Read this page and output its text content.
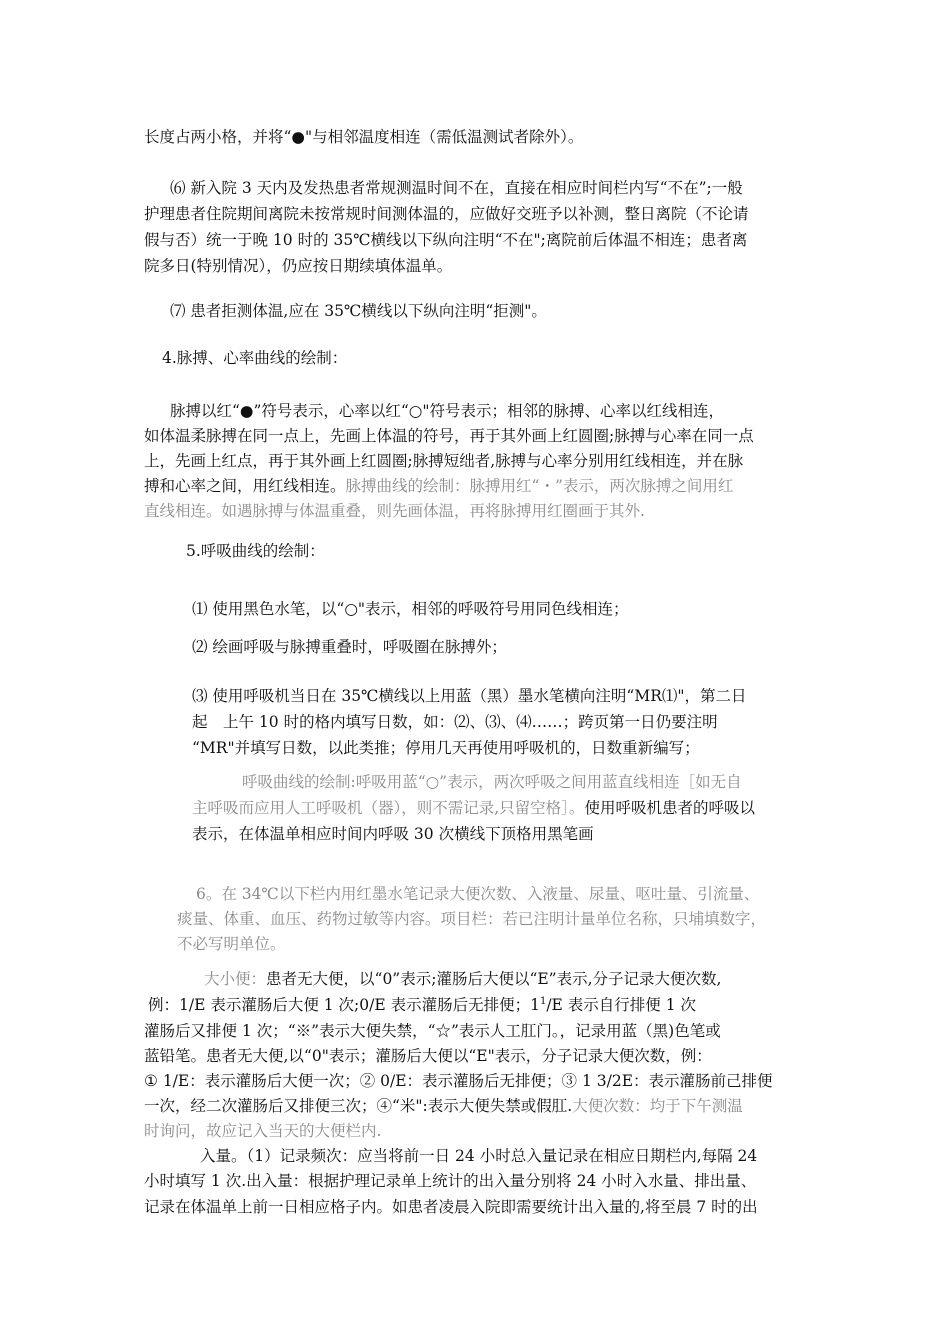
长度占两小格，并将“●"与相邻温度相连（需低温测试者除外）。
⑹ 新入院 3 天内及发热患者常规测温时间不在，直接在相应时间栏内写“不在”;一般
护理患者住院期间离院未按常规时间测体温的，应做好交班予以补测，整日离院（不论请
假与否）统一于晚 10 时的 35℃横线以下纵向注明“不在";离院前后体温不相连；患者离
院多日(特别情况），仍应按日期续填体温单。
⑺ 患者拒测体温,应在 35℃横线以下纵向注明“拒测"。
4.脉搏、心率曲线的绘制：
脉搏以红“●”符号表示，心率以红“○"符号表示；相邻的脉搏、心率以红线相连，
如体温柔脉搏在同一点上，先画上体温的符号，再于其外画上红圆圈;脉搏与心率在同一点
上，先画上红点，再于其外画上红圆圈;脉搏短绌者,脉搏与心率分别用红线相连，并在脉
搏和心率之间，用红线相连。脉搏曲线的绘制：脉搏用红“・”表示，两次脉搏之间用红
直线相连。如遇脉搏与体温重叠，则先画体温，再将脉搏用红圈画于其外.
5.呼吸曲线的绘制：
⑴ 使用黑色水笔，以“○"表示，相邻的呼吸符号用同色线相连；
⑵ 绘画呼吸与脉搏重叠时，呼吸圈在脉搏外；
⑶ 使用呼吸机当日在 35℃横线以上用蓝（黑）墨水笔横向注明“MR⑴"，第二日
起　上午 10 时的格内填写日数，如：⑵、⑶、⑷……；跨页第一日仍要注明
“MR"并填写日数，以此类推；停用几天再使用呼吸机的，日数重新编写；
呼吸曲线的绘制:呼吸用蓝“○”表示，两次呼吸之间用蓝直线相连［如无自
主呼吸而应用人工呼吸机（器），则不需记录,只留空格］。使用呼吸机患者的呼吸以
表示，在体温单相应时间内呼吸 30 次横线下顶格用黑笔画
6。在 34℃以下栏内用红墨水笔记录大便次数、入液量、尿量、呕吐量、引流量、
痰量、体重、血压、药物过敏等内容。项目栏：若已注明计量单位名称，只埔填数字，
不必写明单位。
大小便：患者无大便，以“0”表示;灌肠后大便以“E”表示,分子记录大便次数,
例：1/E 表示灌肠后大便 1 次;0/E 表示灌肠后无排便；$1^1/E$ 表示自行排便 1 次
灌肠后又排便 1 次；“※”表示大便失禁，“☆”表示人工肛门。，记录用蓝（黑)色笔或
蓝铅笔。患者无大便,以“0"表示；灌肠后大便以“E"表示，分子记录大便次数，例：
① 1/E：表示灌肠后大便一次；② 0/E：表示灌肠后无排便；③ 1 3/2E：表示灌肠前己排便
一次，经二次灌肠后又排便三次；④“米":表示大便失禁或假肛.大便次数：均于下午测温
时询问，故应记入当天的大便栏内.
入量。（1）记录频次：应当将前一日 24 小时总入量记录在相应日期栏内,每隔 24
小时填写 1 次.出入量：根据护理记录单上统计的出入量分别将 24 小时入水量、排出量、
记录在体温单上前一日相应格子内。如患者凌晨入院即需要统计出入量的,将至晨 7 时的出
